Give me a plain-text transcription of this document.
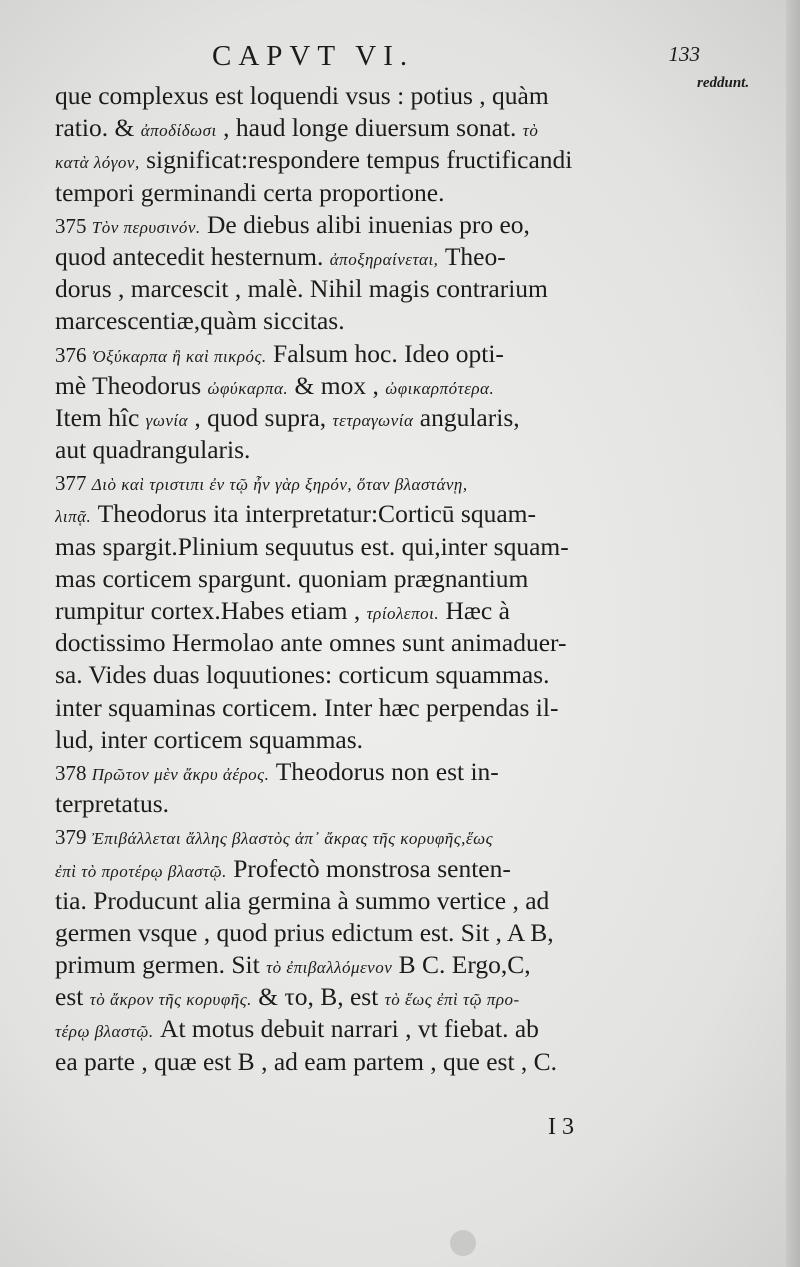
CAPVT VI.	133
reddunt.
que complexus est loquendi vsus : potius , quàm
ratio. & ἀποδίδωσι , haud longe diuersum sonat. τὸ
κατὰ λόγον, significat:respondere tempus fructificandi
tempori germinandi certa proportione.
375 Τὸν περυσινόν. De diebus alibi inuenias pro eo,
quod antecedit hesternum. ἀποξηραίνεται, Theo-
dorus , marcescit , malè. Nihil magis contrarium
marcescentiæ,quàm siccitas.
376 Ὀξύκαρπα ἢ καὶ πικρός. Falsum hoc. Ideo opti-
mè Theodorus ὠφύκαρπα. & mox , ὠφικαρπότερα.
Item hîc γωνία , quod supra, τετραγωνία angularis,
aut quadrangularis.
377 Διὸ καὶ τριστιπι ἐν τῷ ἦν γὰρ ξηρόν, ὅταν βλαστάνῃ,
λιπᾷ. Theodorus ita interpretatur:Corticū squam-
mas spargit.Plinium sequutus est. qui,inter squam-
mas corticem spargunt. quoniam prægnantium
rumpitur cortex.Habes etiam , τρίολεποι. Hæc à
doctissimo Hermolao ante omnes sunt animaduer-
sa. Vides duas loquutiones: corticum squammas.
inter squaminas corticem. Inter hæc perpendas il-
lud, inter corticem squammas.
378 Πρῶτον μὲν ἄκρυ ἀέρος. Theodorus non est in-
terpretatus.
379 Ἐπιβάλλεται ἄλλης βλαστὸς ἀπ᾽ ἄκρας τῆς κορυφῆς,ἕως
ἐπὶ τὸ προτέρῳ βλαστῷ. Profectò monstrosa senten-
tia. Producunt alia germina à summo vertice , ad
germen vsque , quod prius edictum est. Sit , A B,
primum germen. Sit τὸ ἐπιβαλλόμενον B C. Ergo,C,
est τὸ ἄκρον τῆς κορυφῆς. & το, B, est τὸ ἕως ἐπὶ τῷ προ-
τέρῳ βλαστῷ. At motus debuit narrari , vt fiebat. ab
ea parte , quæ est B , ad eam partem , que est , C.
I 3
